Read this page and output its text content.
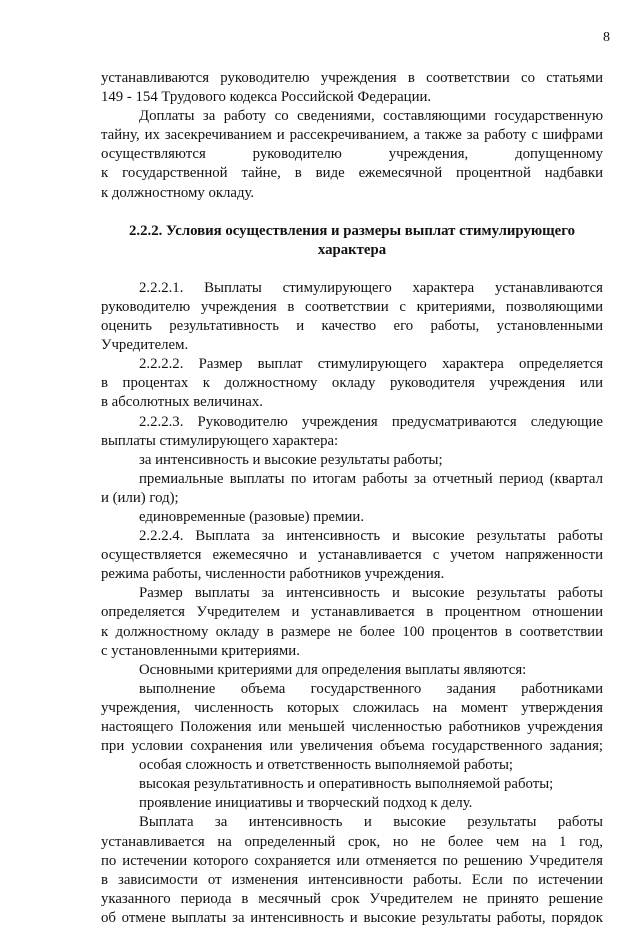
8
устанавливаются руководителю учреждения в соответствии со статьями
149 - 154 Трудового кодекса Российской Федерации.
Доплаты за работу со сведениями, составляющими государственную
тайну, их засекречиванием и рассекречиванием, а также за работу с шифрами
осуществляются руководителю учреждения, допущенному
к государственной тайне, в виде ежемесячной процентной надбавки
к должностному окладу.
2.2.2. Условия осуществления и размеры выплат стимулирующего
характера
2.2.2.1. Выплаты стимулирующего характера устанавливаются
руководителю учреждения в соответствии с критериями, позволяющими
оценить результативность и качество его работы, установленными
Учредителем.
2.2.2.2. Размер выплат стимулирующего характера определяется
в процентах к должностному окладу руководителя учреждения или
в абсолютных величинах.
2.2.2.3. Руководителю учреждения предусматриваются следующие
выплаты стимулирующего характера:
за интенсивность и высокие результаты работы;
премиальные выплаты по итогам работы за отчетный период (квартал
и (или) год);
единовременные (разовые) премии.
2.2.2.4. Выплата за интенсивность и высокие результаты работы
осуществляется ежемесячно и устанавливается с учетом напряженности
режима работы, численности работников учреждения.
Размер выплаты за интенсивность и высокие результаты работы
определяется Учредителем и устанавливается в процентном отношении
к должностному окладу в размере не более 100 процентов в соответствии
с установленными критериями.
Основными критериями для определения выплаты являются:
выполнение объема государственного задания работниками
учреждения, численность которых сложилась на момент утверждения
настоящего Положения или меньшей численностью работников учреждения
при условии сохранения или увеличения объема государственного задания;
особая сложность и ответственность выполняемой работы;
высокая результативность и оперативность выполняемой работы;
проявление инициативы и творческий подход к делу.
Выплата за интенсивность и высокие результаты работы
устанавливается на определенный срок, но не более чем на 1 год,
по истечении которого сохраняется или отменяется по решению Учредителя
в зависимости от изменения интенсивности работы. Если по истечении
указанного периода в месячный срок Учредителем не принято решение
об отмене выплаты за интенсивность и высокие результаты работы, порядок
